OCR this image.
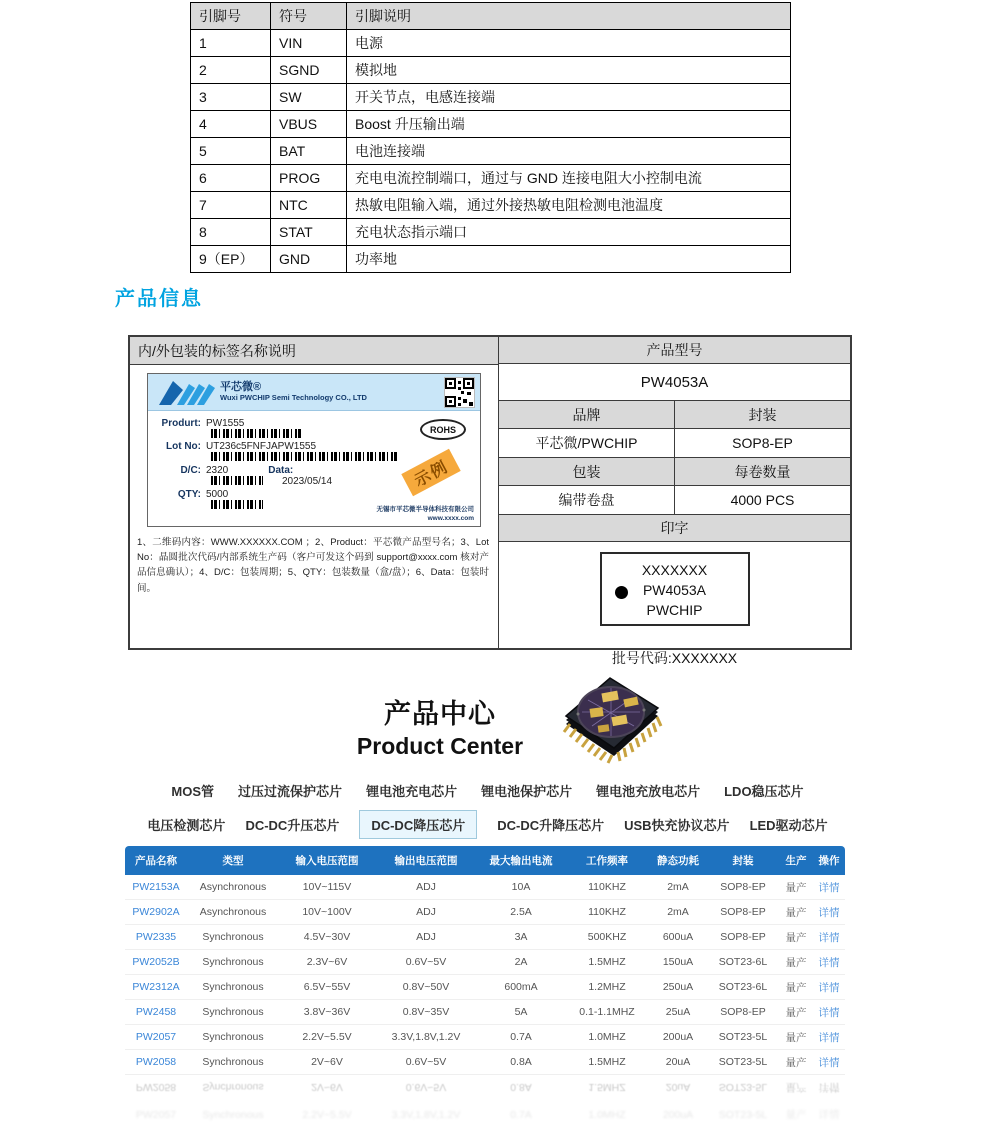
引脚号	符号	引脚说明
1	VIN	电源
2	SGND	模拟地
3	SW	开关节点，电感连接端
4	VBUS	Boost 升压输出端
5	BAT	电池连接端
6	PROG	充电电流控制端口，通过与 GND 连接电阻大小控制电流
7	NTC	热敏电阻输入端，通过外接热敏电阻检测电池温度
8	STAT	充电状态指示端口
9（EP）	GND	功率地
产品信息
内/外包装的标签名称说明
平芯微®
Wuxi PWCHIP Semi Technology CO., LTD
Produrt: PW1555
Lot No: UT236c5FNFJAPW1555
D/C: 2320	Data:
2023/05/14
QTY: 5000
ROHS
示例
无锡市平芯微半导体科技有限公司
www.xxxx.com
1、二维码内容：WWW.XXXXXX.COM ；2、Product：平芯微产品型号名；3、Lot No：晶圆批次代码/内部系统生产码（客户可发这个码到 support@xxxx.com 核对产品信息确认）；4、D/C：包装周期；5、QTY：包装数量（盒/盘）；6、Data：包装时间。
产品型号
PW4053A
品牌	封装
平芯微/PWCHIP	SOP8-EP
包装	每卷数量
编带卷盘	4000 PCS
印字
XXXXXXX
PW4053A
PWCHIP
批号代码:XXXXXXX
产品中心
Product Center
MOS管 过压过流保护芯片 锂电池充电芯片 锂电池保护芯片 锂电池充放电芯片 LDO稳压芯片
电压检测芯片 DC-DC升压芯片	DC-DC降压芯片	DC-DC升降压芯片 USB快充协议芯片 LED驱动芯片
产品名称	类型	输入电压范围	输出电压范围	最大输出电流	工作频率	静态功耗	封装	生产	操作
PW2153A	Asynchronous	10V~115V	ADJ	10A	110KHZ	2mA	SOP8-EP	量产	详情
PW2902A	Asynchronous	10V~100V	ADJ	2.5A	110KHZ	2mA	SOP8-EP	量产	详情
PW2335	Synchronous	4.5V~30V	ADJ	3A	500KHZ	600uA	SOP8-EP	量产	详情
PW2052B	Synchronous	2.3V~6V	0.6V~5V	2A	1.5MHZ	150uA	SOT23-6L	量产	详情
PW2312A	Synchronous	6.5V~55V	0.8V~50V	600mA	1.2MHZ	250uA	SOT23-6L	量产	详情
PW2458	Synchronous	3.8V~36V	0.8V~35V	5A	0.1-1.1MHZ	25uA	SOP8-EP	量产	详情
PW2057	Synchronous	2.2V~5.5V	3.3V,1.8V,1.2V	0.7A	1.0MHZ	200uA	SOT23-5L	量产	详情
PW2058	Synchronous	2V~6V	0.6V~5V	0.8A	1.5MHZ	20uA	SOT23-5L	量产	详情
PW2058	Synchronous	2V~6V	0.6V~5V	0.8A	1.5MHZ	20uA	SOT23-5L	量产	详情
PW2057	Synchronous	2.2V~5.5V	3.3V,1.8V,1.2V	0.7A	1.0MHZ	200uA	SOT23-5L	量产	详情
